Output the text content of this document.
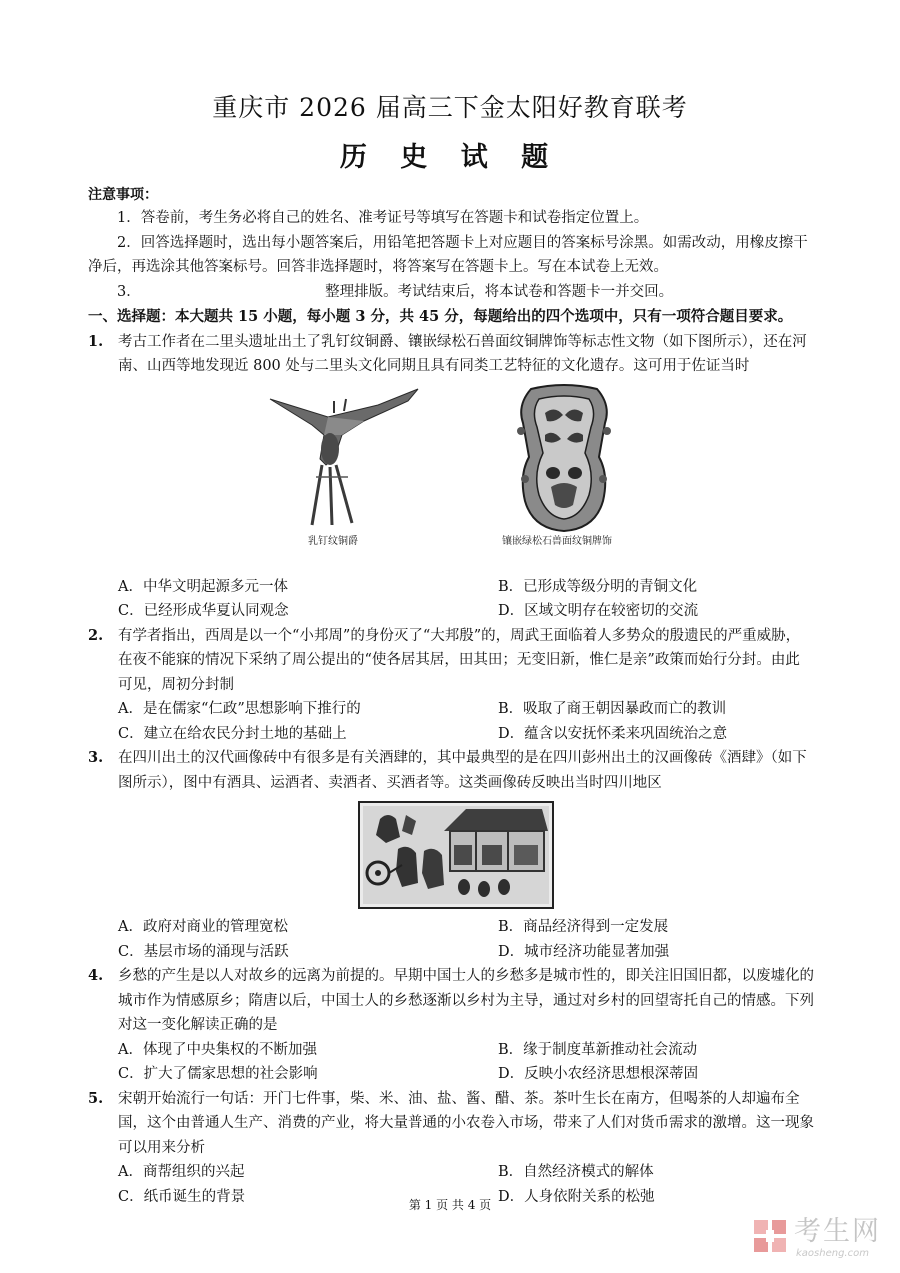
重庆市 2026 届高三下金太阳好教育联考
历 史 试 题
注意事项：
1．答卷前，考生务必将自己的姓名、准考证号等填写在答题卡和试卷指定位置上。
2．回答选择题时，选出每小题答案后，用铅笔把答题卡上对应题目的答案标号涂黑。如需改动，用橡皮擦干净后，再选涂其他答案标号。回答非选择题时，将答案写在答题卡上。写在本试卷上无效。
3．	整理排版。考试结束后，将本试卷和答题卡一并交回。
一、选择题：本大题共 15 小题，每小题 3 分，共 45 分，每题给出的四个选项中，只有一项符合题目要求。
1. 考古工作者在二里头遗址出土了乳钉纹铜爵、镶嵌绿松石兽面纹铜牌饰等标志性文物（如下图所示），还在河南、山西等地发现近 800 处与二里头文化同期且具有同类工艺特征的文化遗存。这可用于佐证当时
乳钉纹铜爵	镶嵌绿松石兽面纹铜牌饰
A．中华文明起源多元一体	B．已形成等级分明的青铜文化
C．已经形成华夏认同观念	D．区域文明存在较密切的交流
2. 有学者指出，西周是以一个“小邦周”的身份灭了“大邦殷”的，周武王面临着人多势众的殷遗民的严重威胁，在夜不能寐的情况下采纳了周公提出的“使各居其居，田其田；无变旧新，惟仁是亲”政策而始行分封。由此可见，周初分封制
A．是在儒家“仁政”思想影响下推行的	B．吸取了商王朝因暴政而亡的教训
C．建立在给农民分封土地的基础上	D．蕴含以安抚怀柔来巩固统治之意
3. 在四川出土的汉代画像砖中有很多是有关酒肆的，其中最典型的是在四川彭州出土的汉画像砖《酒肆》（如下图所示），图中有酒具、运酒者、卖酒者、买酒者等。这类画像砖反映出当时四川地区
A．政府对商业的管理宽松	B．商品经济得到一定发展
C．基层市场的涌现与活跃	D．城市经济功能显著加强
4. 乡愁的产生是以人对故乡的远离为前提的。早期中国士人的乡愁多是城市性的，即关注旧国旧都，以废墟化的城市作为情感原乡；隋唐以后，中国士人的乡愁逐渐以乡村为主导，通过对乡村的回望寄托自己的情感。下列对这一变化解读正确的是
A．体现了中央集权的不断加强	B．缘于制度革新推动社会流动
C．扩大了儒家思想的社会影响	D．反映小农经济思想根深蒂固
5. 宋朝开始流行一句话：开门七件事，柴、米、油、盐、酱、醋、茶。茶叶生长在南方，但喝茶的人却遍布全国，这个由普通人生产、消费的产业，将大量普通的小农卷入市场，带来了人们对货币需求的激增。这一现象可以用来分析
A．商帮组织的兴起	B．自然经济模式的解体
C．纸币诞生的背景	D．人身依附关系的松弛
第 1 页 共 4 页
考生网
kaosheng.com
